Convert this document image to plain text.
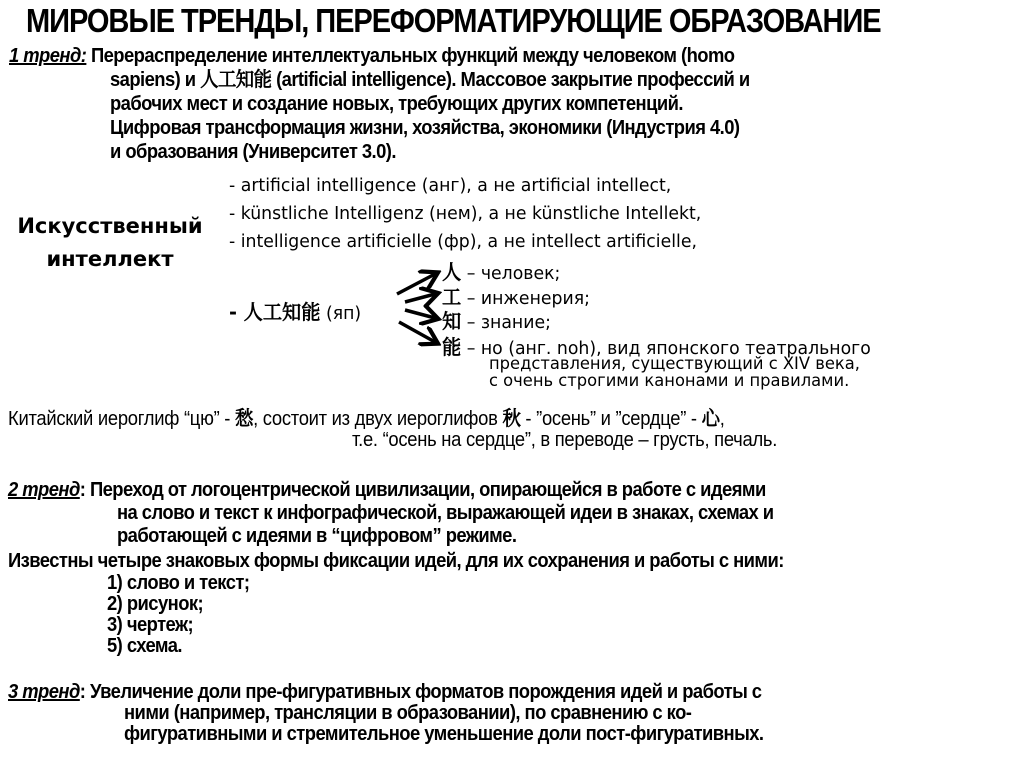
МИРОВЫЕ ТРЕНДЫ, ПЕРЕФОРМАТИРУЮЩИЕ ОБРАЗОВАНИЕ
1 тренд: Перераспределение интеллектуальных функций между человеком (homo
sapiens) и 人工知能 (artificial intelligence). Массовое закрытие профессий и
рабочих мест и создание новых, требующих других компетенций.
Цифровая трансформация жизни, хозяйства, экономики (Индустрия 4.0)
и образования (Университет 3.0).
Искусственный
интеллект
- artificial intelligence (анг), а не artificial intellect,
- künstliche Intelligenz (нем), а не künstliche Intellekt,
- intelligence artificielle (фр), а не intellect artificielle,
- 人工知能 (яп)
人 – человек;
工 – инженерия;
知 – знание;
能 – но (анг. noh), вид японского театрального
представления, существующий с XIV века,
с очень строгими канонами и правилами.
Китайский иероглиф “цю” - 愁, состоит из двух иероглифов 秋 - ”осень” и ”сердце” - 心,
т.е. “осень на сердце”, в переводе – грусть, печаль.
2 тренд: Переход от логоцентрической цивилизации, опирающейся в работе с идеями
на слово и текст к инфографической, выражающей идеи в знаках, схемах и
работающей с идеями в “цифровом” режиме.
Известны четыре знаковых формы фиксации идей, для их сохранения и работы с ними:
1) слово и текст;
2) рисунок;
3) чертеж;
5) схема.
3 тренд: Увеличение доли пре-фигуративных форматов порождения идей и работы с
ними (например, трансляции в образовании), по сравнению с ко-
фигуративными и стремительное уменьшение доли пост-фигуративных.
